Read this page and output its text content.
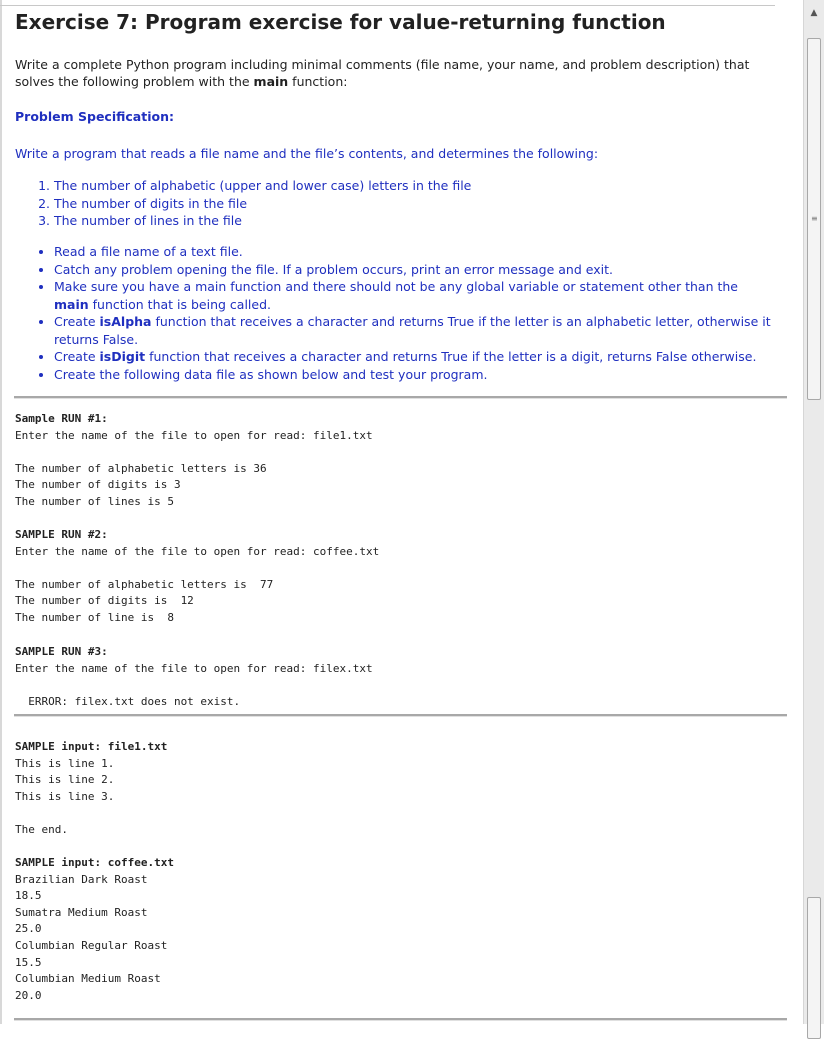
Exercise 7: Program exercise for value-returning function

Write a complete Python program including minimal comments (file name, your name, and problem description) that solves the following problem with the main function:

Problem Specification:

Write a program that reads a file name and the file’s contents, and determines the following:

1. The number of alphabetic (upper and lower case) letters in the file
2. The number of digits in the file
3. The number of lines in the file
• Read a file name of a text file.
• Catch any problem opening the file. If a problem occurs, print an error message and exit.
• Make sure you have a main function and there should not be any global variable or statement other than the main function that is being called.
• Create isAlpha function that receives a character and returns True if the letter is an alphabetic letter, otherwise it returns False.
• Create isDigit function that receives a character and returns True if the letter is a digit, returns False otherwise.
• Create the following data file as shown below and test your program.
Sample RUN #1:
Enter the name of the file to open for read: file1.txt

The number of alphabetic letters is 36
The number of digits is 3
The number of lines is 5
SAMPLE RUN #2:
Enter the name of the file to open for read: coffee.txt

The number of alphabetic letters is  77
The number of digits is  12
The number of line is  8
SAMPLE RUN #3:
Enter the name of the file to open for read: filex.txt

ERROR: filex.txt does not exist.
SAMPLE input: file1.txt
This is line 1.
This is line 2.
This is line 3.

The end.
SAMPLE input: coffee.txt
Brazilian Dark Roast
18.5
Sumatra Medium Roast
25.0
Columbian Regular Roast
15.5
Columbian Medium Roast
20.0
▲
≡
